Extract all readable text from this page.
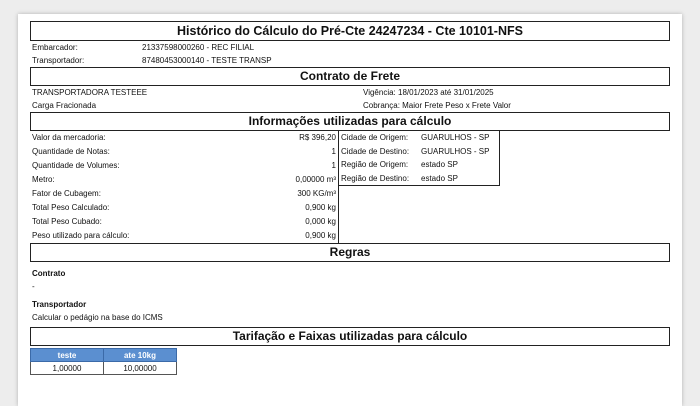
Histórico do Cálculo do Pré-Cte 24247234 - Cte 10101-NFS
Embarcador:	21337598000260 - REC FILIAL
Transportador:	87480453000140 - TESTE TRANSP
Contrato de Frete
TRANSPORTADORA TESTEEE	Vigência: 18/01/2023 até 31/01/2025
Carga Fracionada	Cobrança: Maior Frete Peso x Frete Valor
Informações utilizadas para cálculo
Valor da mercadoria:	R$ 396,20
Quantidade de Notas:	1
Quantidade de Volumes:	1
Metro:	0,00000 m³
Fator de Cubagem:	300 KG/m³
Total Peso Calculado:	0,900 kg
Total Peso Cubado:	0,000 kg
Peso utilizado para cálculo:	0,900 kg
Cidade de Origem: GUARULHOS - SP
Cidade de Destino: GUARULHOS - SP
Região de Origem: estado SP
Região de Destino: estado SP
Regras
Contrato
-
Transportador
Calcular o pedágio na base do ICMS
Tarifação e Faixas utilizadas para cálculo
teste	ate 10kg
1,00000	10,00000
